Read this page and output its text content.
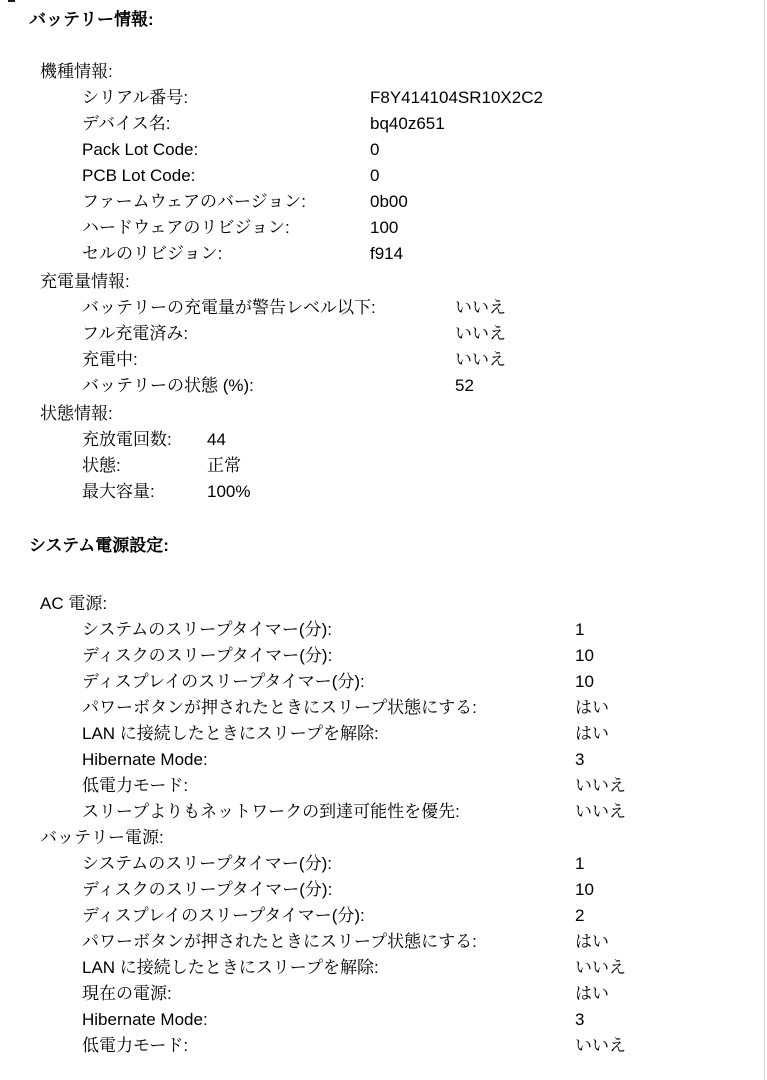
バッテリー情報:
機種情報:
シリアル番号:	F8Y414104SR10X2C2
デバイス名:	bq40z651
Pack Lot Code:	0
PCB Lot Code:	0
ファームウェアのバージョン:	0b00
ハードウェアのリビジョン:	100
セルのリビジョン:	f914
充電量情報:
バッテリーの充電量が警告レベル以下:	いいえ
フル充電済み:	いいえ
充電中:	いいえ
バッテリーの状態 (%):	52
状態情報:
充放電回数: 44
状態:	正常
最大容量:	100%
システム電源設定:
AC 電源:
システムのスリープタイマー(分):	1
ディスクのスリープタイマー(分):	10
ディスプレイのスリープタイマー(分):	10
パワーボタンが押されたときにスリープ状態にする:	はい
LAN に接続したときにスリープを解除:	はい
Hibernate Mode:	3
低電力モード:	いいえ
スリープよりもネットワークの到達可能性を優先:	いいえ
バッテリー電源:
システムのスリープタイマー(分):	1
ディスクのスリープタイマー(分):	10
ディスプレイのスリープタイマー(分):	2
パワーボタンが押されたときにスリープ状態にする:	はい
LAN に接続したときにスリープを解除:	いいえ
現在の電源:	はい
Hibernate Mode:	3
低電力モード:	いいえ
